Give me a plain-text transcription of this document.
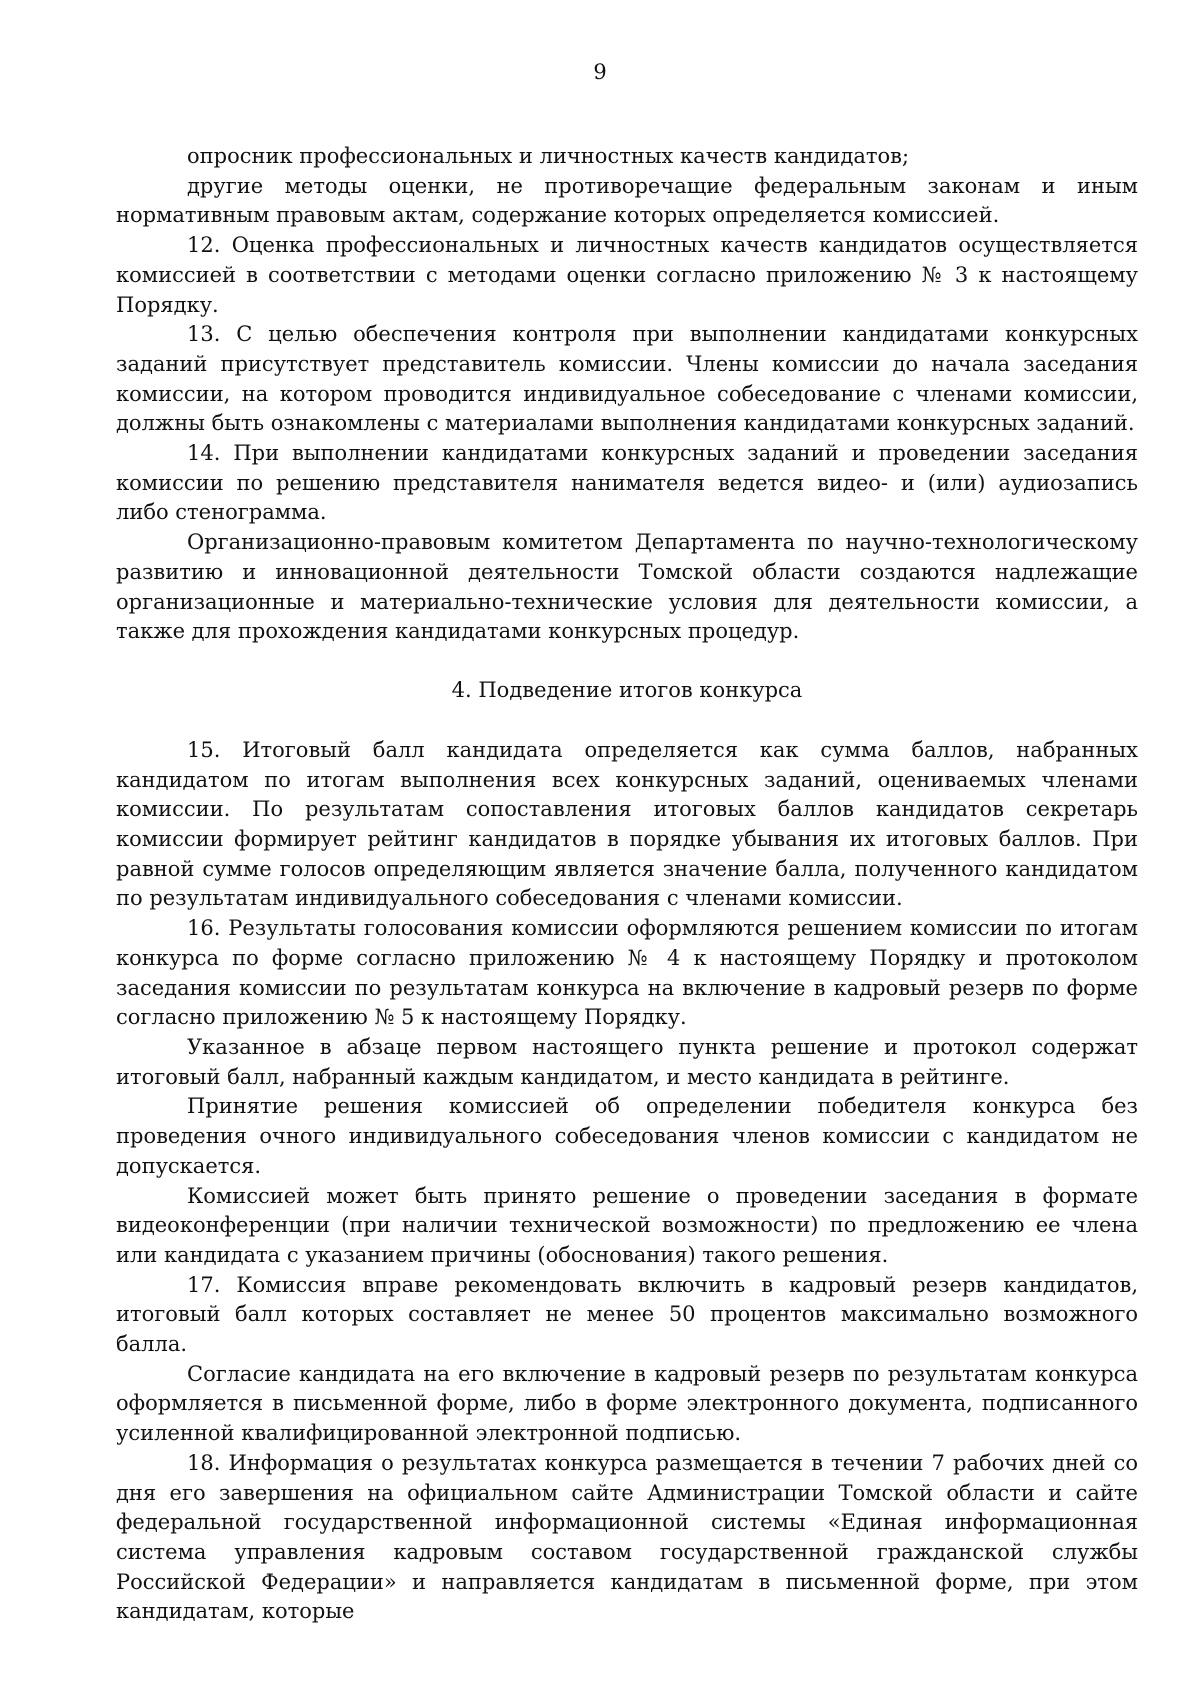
9

опросник профессиональных и личностных качеств кандидатов;

другие методы оценки, не противоречащие федеральным законам и иным нормативным правовым актам, содержание которых определяется комиссией.

12. Оценка профессиональных и личностных качеств кандидатов осуществляется комиссией в соответствии с методами оценки согласно приложению № 3 к настоящему Порядку.

13. С целью обеспечения контроля при выполнении кандидатами конкурсных заданий присутствует представитель комиссии. Члены комиссии до начала заседания комиссии, на котором проводится индивидуальное собеседование с членами комиссии, должны быть ознакомлены с материалами выполнения кандидатами конкурсных заданий.

14. При выполнении кандидатами конкурсных заданий и проведении заседания комиссии по решению представителя нанимателя ведется видео- и (или) аудиозапись либо стенограмма.

Организационно-правовым комитетом Департамента по научно-технологическому развитию и инновационной деятельности Томской области создаются надлежащие организационные и материально-технические условия для деятельности комиссии, а также для прохождения кандидатами конкурсных процедур.

4. Подведение итогов конкурса

15. Итоговый балл кандидата определяется как сумма баллов, набранных кандидатом по итогам выполнения всех конкурсных заданий, оцениваемых членами комиссии. По результатам сопоставления итоговых баллов кандидатов секретарь комиссии формирует рейтинг кандидатов в порядке убывания их итоговых баллов. При равной сумме голосов определяющим является значение балла, полученного кандидатом по результатам индивидуального собеседования с членами комиссии.

16. Результаты голосования комиссии оформляются решением комиссии по итогам конкурса по форме согласно приложению № 4 к настоящему Порядку и протоколом заседания комиссии по результатам конкурса на включение в кадровый резерв по форме согласно приложению № 5 к настоящему Порядку.

Указанное в абзаце первом настоящего пункта решение и протокол содержат итоговый балл, набранный каждым кандидатом, и место кандидата в рейтинге.

Принятие решения комиссией об определении победителя конкурса без проведения очного индивидуального собеседования членов комиссии с кандидатом не допускается.

Комиссией может быть принято решение о проведении заседания в формате видеоконференции (при наличии технической возможности) по предложению ее члена или кандидата с указанием причины (обоснования) такого решения.

17. Комиссия вправе рекомендовать включить в кадровый резерв кандидатов, итоговый балл которых составляет не менее 50 процентов максимально возможного балла.

Согласие кандидата на его включение в кадровый резерв по результатам конкурса оформляется в письменной форме, либо в форме электронного документа, подписанного усиленной квалифицированной электронной подписью.

18. Информация о результатах конкурса размещается в течении 7 рабочих дней со дня его завершения на официальном сайте Администрации Томской области и сайте федеральной государственной информационной системы «Единая информационная система управления кадровым составом государственной гражданской службы Российской Федерации» и направляется кандидатам в письменной форме, при этом кандидатам, которые
